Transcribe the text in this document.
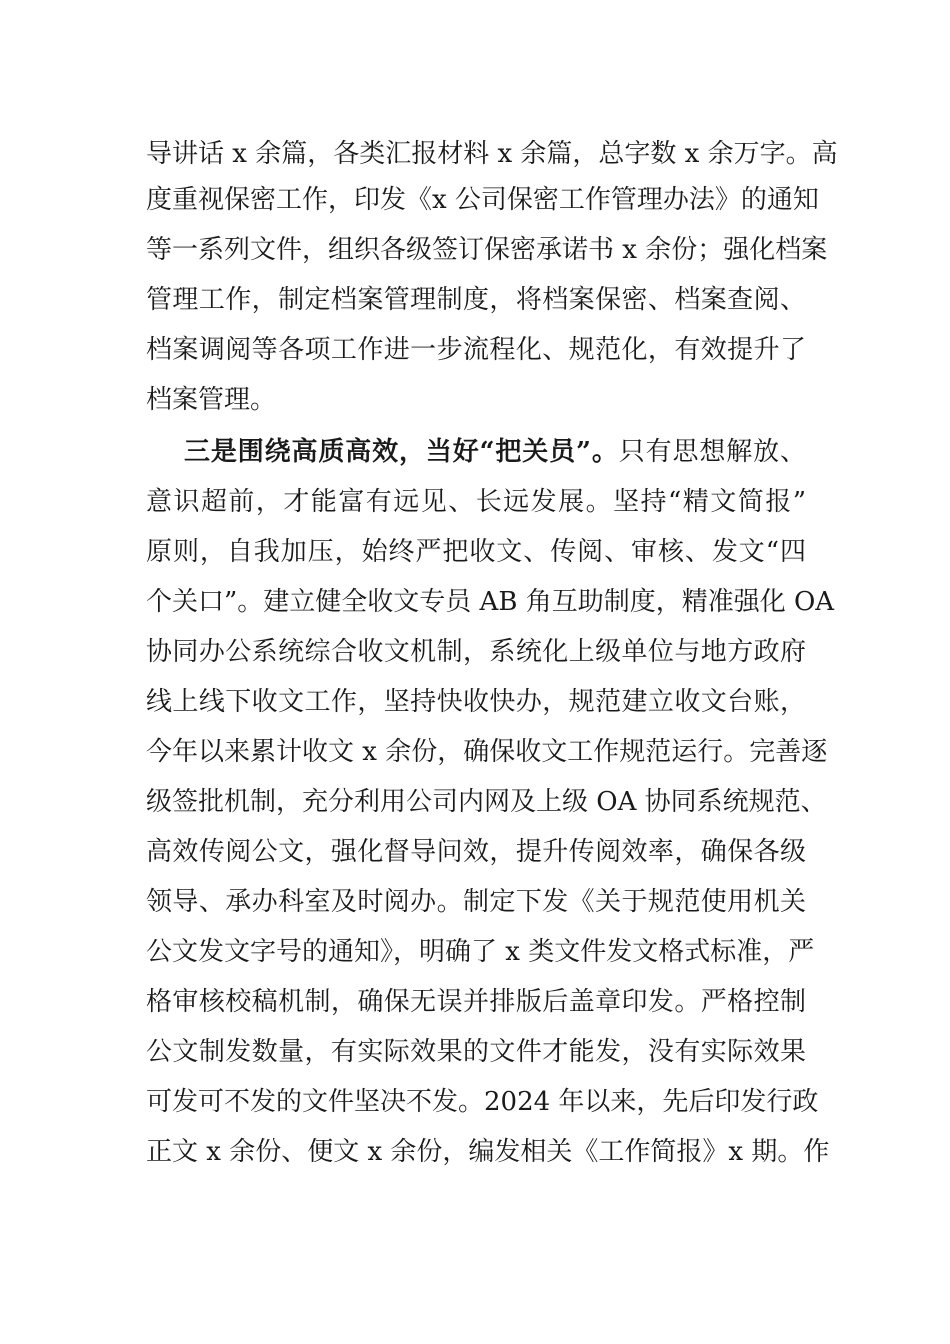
导讲话 x 余篇，各类汇报材料 x 余篇，总字数 x 余万字。高
度重视保密工作，印发《x 公司保密工作管理办法》的通知
等一系列文件，组织各级签订保密承诺书 x 余份；强化档案
管理工作，制定档案管理制度，将档案保密、档案查阅、
档案调阅等各项工作进一步流程化、规范化，有效提升了
档案管理。
三是围绕高质高效，当好“把关员”。只有思想解放、
意识超前，才能富有远见、长远发展。坚持“精文简报”
原则，自我加压，始终严把收文、传阅、审核、发文“四
个关口”。建立健全收文专员 AB 角互助制度，精准强化 OA
协同办公系统综合收文机制，系统化上级单位与地方政府
线上线下收文工作，坚持快收快办，规范建立收文台账，
今年以来累计收文 x 余份，确保收文工作规范运行。完善逐
级签批机制，充分利用公司内网及上级 OA 协同系统规范、
高效传阅公文，强化督导问效，提升传阅效率，确保各级
领导、承办科室及时阅办。制定下发《关于规范使用机关
公文发文字号的通知》，明确了 x 类文件发文格式标准，严
格审核校稿机制，确保无误并排版后盖章印发。严格控制
公文制发数量，有实际效果的文件才能发，没有实际效果
可发可不发的文件坚决不发。2024 年以来，先后印发行政
正文 x 余份、便文 x 余份，编发相关《工作简报》x 期。作
